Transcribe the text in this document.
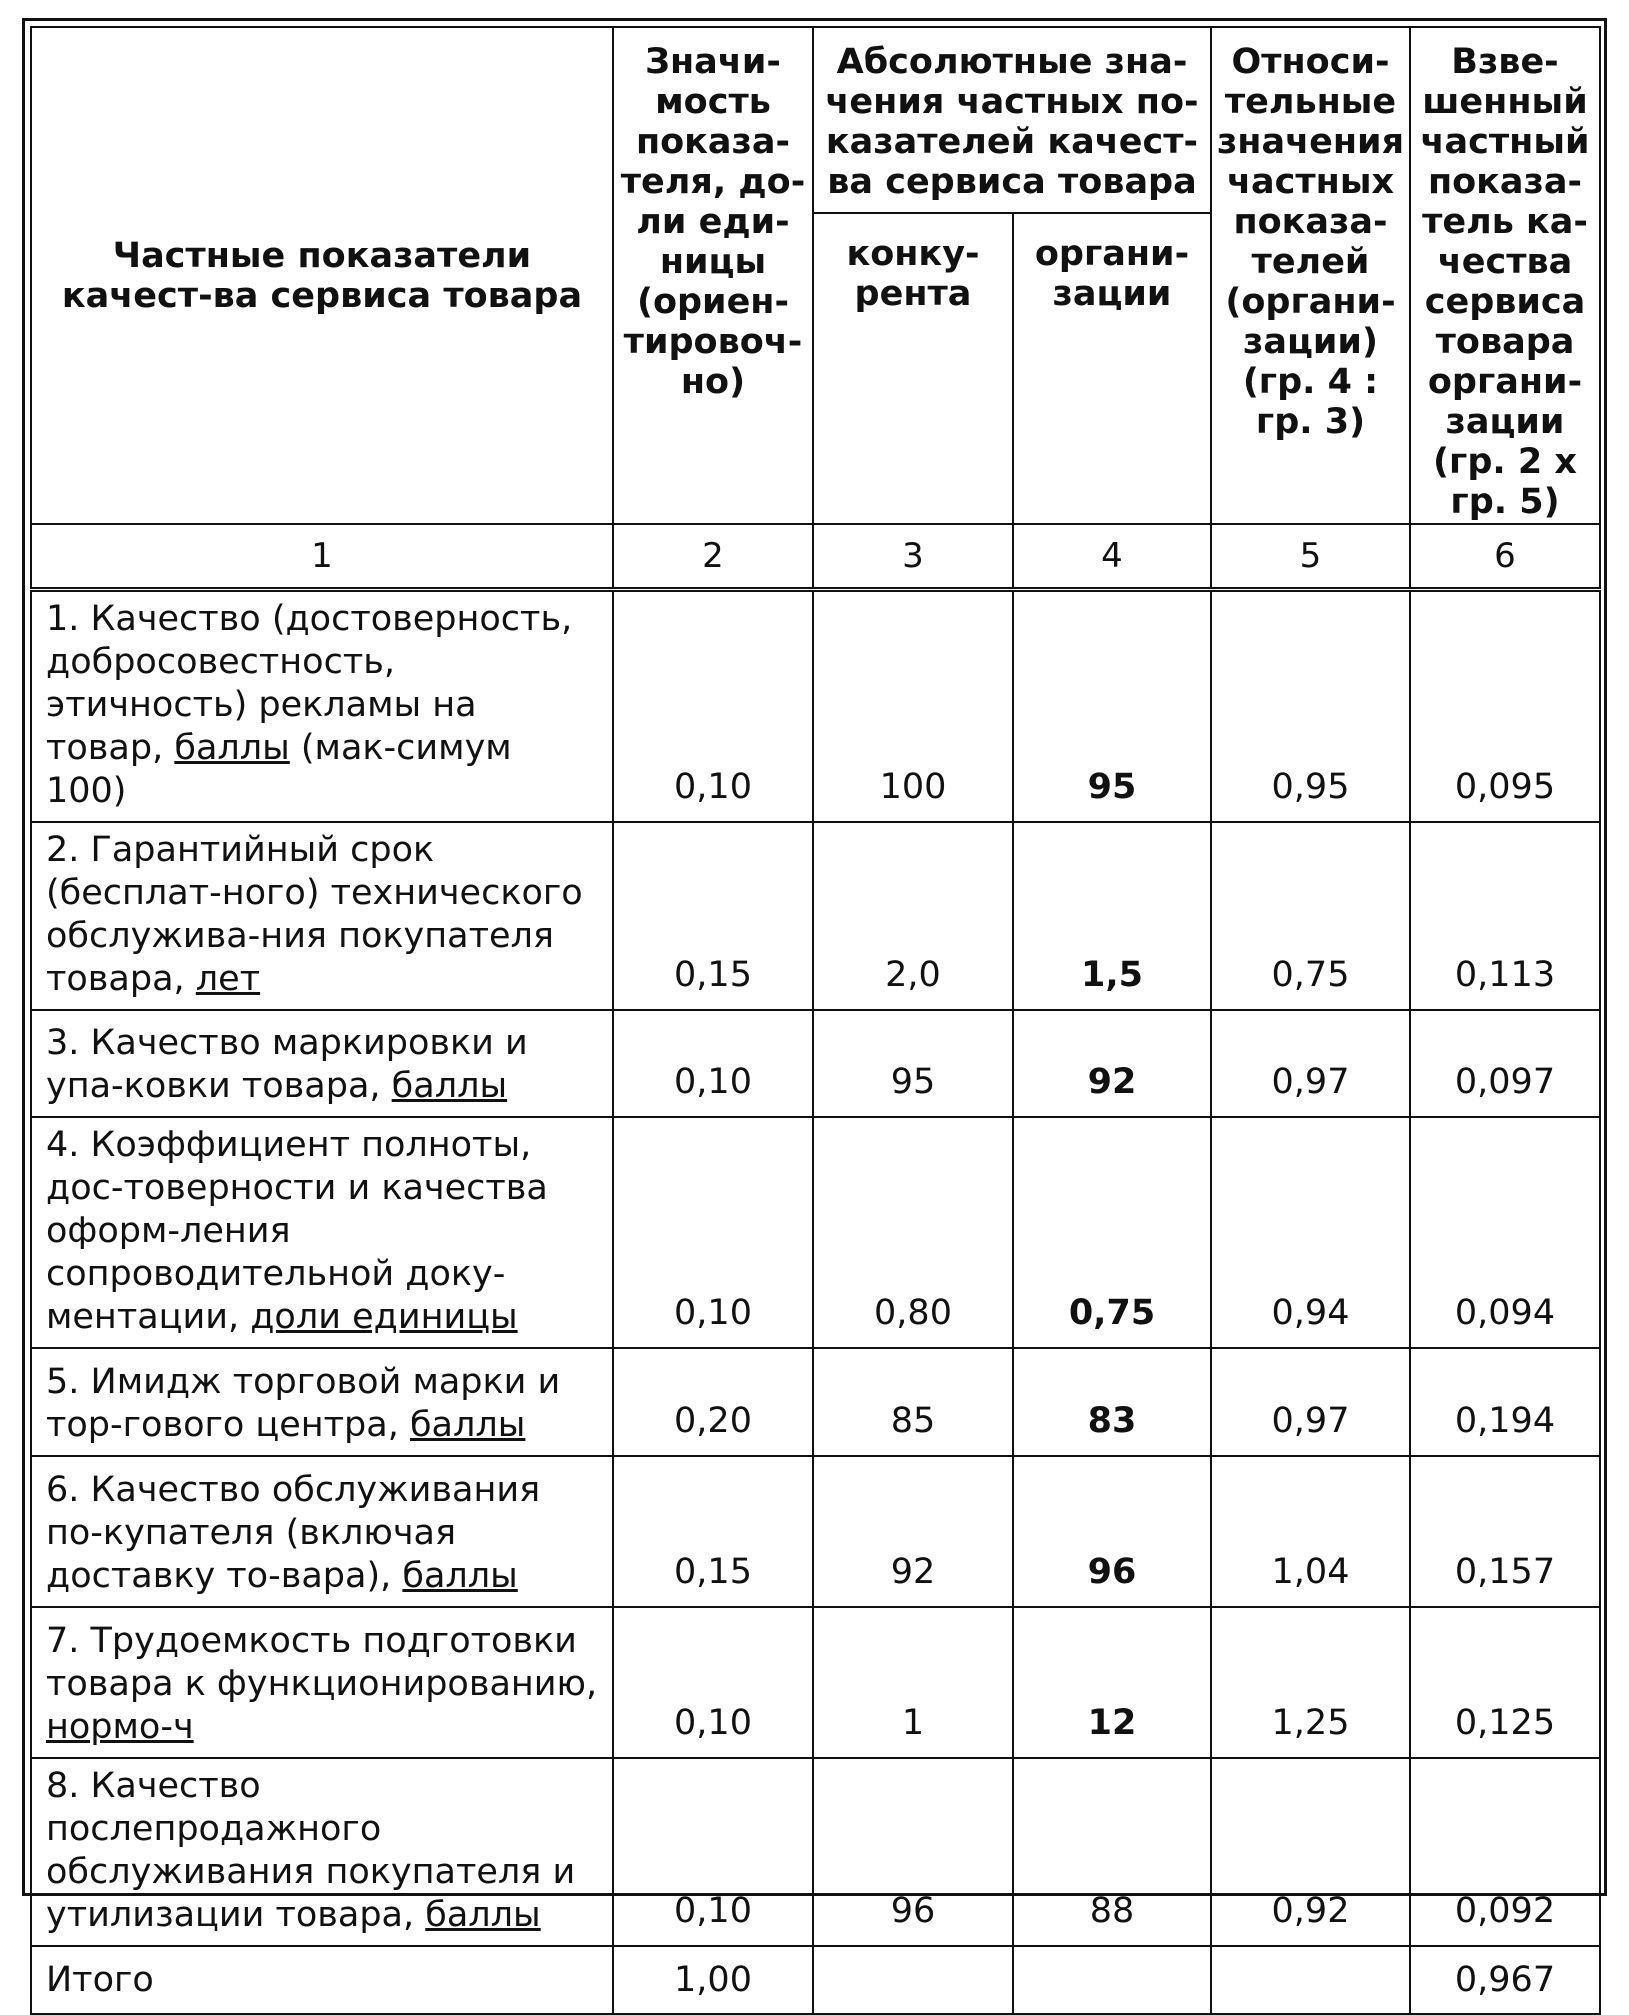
Частные показатели качест-ва сервиса товара	Значи-мость показа-теля, до-ли еди-ницы (ориен-тировоч-но)	Абсолютные зна-чения частных по-казателей качест-ва сервиса товара		Относи-тельные значения частных показа-телей (органи-зации) (гр. 4 : гр. 3)	Взве-шенный частный показа-тель ка-чества сервиса товара органи-зации (гр. 2 х гр. 5)
		конку-рента	органи-зации		
1	2	3	4	5	6
1. Качество (достоверность, добросовестность, этичность) рекламы на товар, баллы (мак-симум 100)	0,10	100	95	0,95	0,095
2. Гарантийный срок (бесплат-ного) технического обслужива-ния покупателя товара, лет	0,15	2,0	1,5	0,75	0,113
3. Качество маркировки и упа-ковки товара, баллы	0,10	95	92	0,97	0,097
4. Коэффициент полноты, дос-товерности и качества оформ-ления сопроводительной доку-ментации, доли единицы	0,10	0,80	0,75	0,94	0,094
5. Имидж торговой марки и тор-гового центра, баллы	0,20	85	83	0,97	0,194
6. Качество обслуживания по-купателя (включая доставку то-вара), баллы	0,15	92	96	1,04	0,157
7. Трудоемкость подготовки товара к функционированию, нормо-ч	0,10	1	12	1,25	0,125
8. Качество послепродажного обслуживания покупателя и утилизации товара, баллы	0,10	96	88	0,92	0,092
Итого	1,00				0,967
